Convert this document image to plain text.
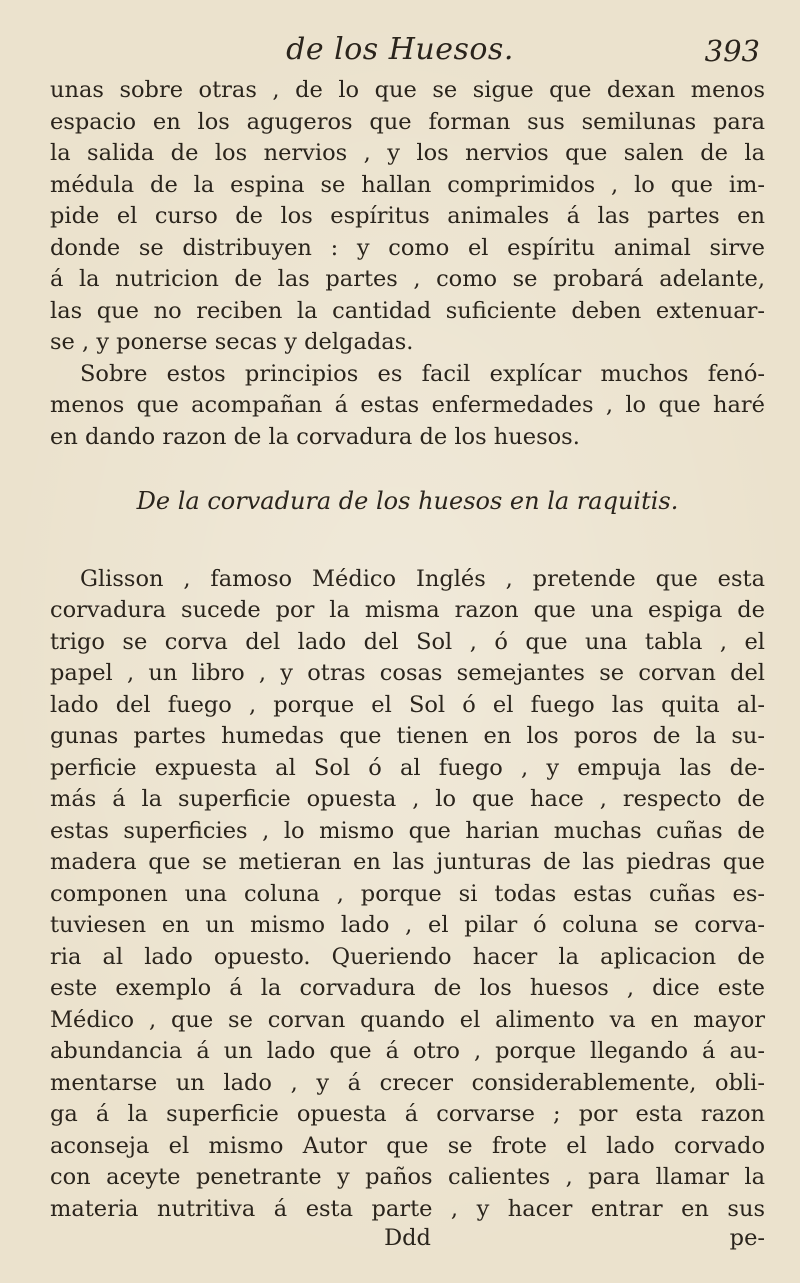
de los Huesos.	393
unas sobre otras , de lo que se sigue que dexan menos
espacio en los agugeros que forman sus semilunas para
la salida de los nervios , y los nervios que salen de la
médula de la espina se hallan comprimidos , lo que im-
pide el curso de los espíritus animales á las partes en
donde se distribuyen : y como el espíritu animal sirve
á la nutricion de las partes , como se probará adelante,
las que no reciben la cantidad suficiente deben extenuar-
se , y ponerse secas y delgadas.
Sobre estos principios es facil explícar muchos fenó-
menos que acompañan á estas enfermedades , lo que haré
en dando razon de la corvadura de los huesos.
De la corvadura de los huesos en la raquitis.
Glisson , famoso Médico Inglés , pretende que esta
corvadura sucede por la misma razon que una espiga de
trigo se corva del lado del Sol , ó que una tabla , el
papel , un libro , y otras cosas semejantes se corvan del
lado del fuego , porque el Sol ó el fuego las quita al-
gunas partes humedas que tienen en los poros de la su-
perficie expuesta al Sol ó al fuego , y empuja las de-
más á la superficie opuesta , lo que hace , respecto de
estas superficies , lo mismo que harian muchas cuñas de
madera que se metieran en las junturas de las piedras que
componen una coluna , porque si todas estas cuñas es-
tuviesen en un mismo lado , el pilar ó coluna se corva-
ria al lado opuesto. Queriendo hacer la aplicacion de
este exemplo á la corvadura de los huesos , dice este
Médico , que se corvan quando el alimento va en mayor
abundancia á un lado que á otro , porque llegando á au-
mentarse un lado , y á crecer considerablemente, obli-
ga á la superficie opuesta á corvarse ; por esta razon
aconseja el mismo Autor que se frote el lado corvado
con aceyte penetrante y paños calientes , para llamar la
materia nutritiva á esta parte , y hacer entrar en sus
Ddd	pe-
